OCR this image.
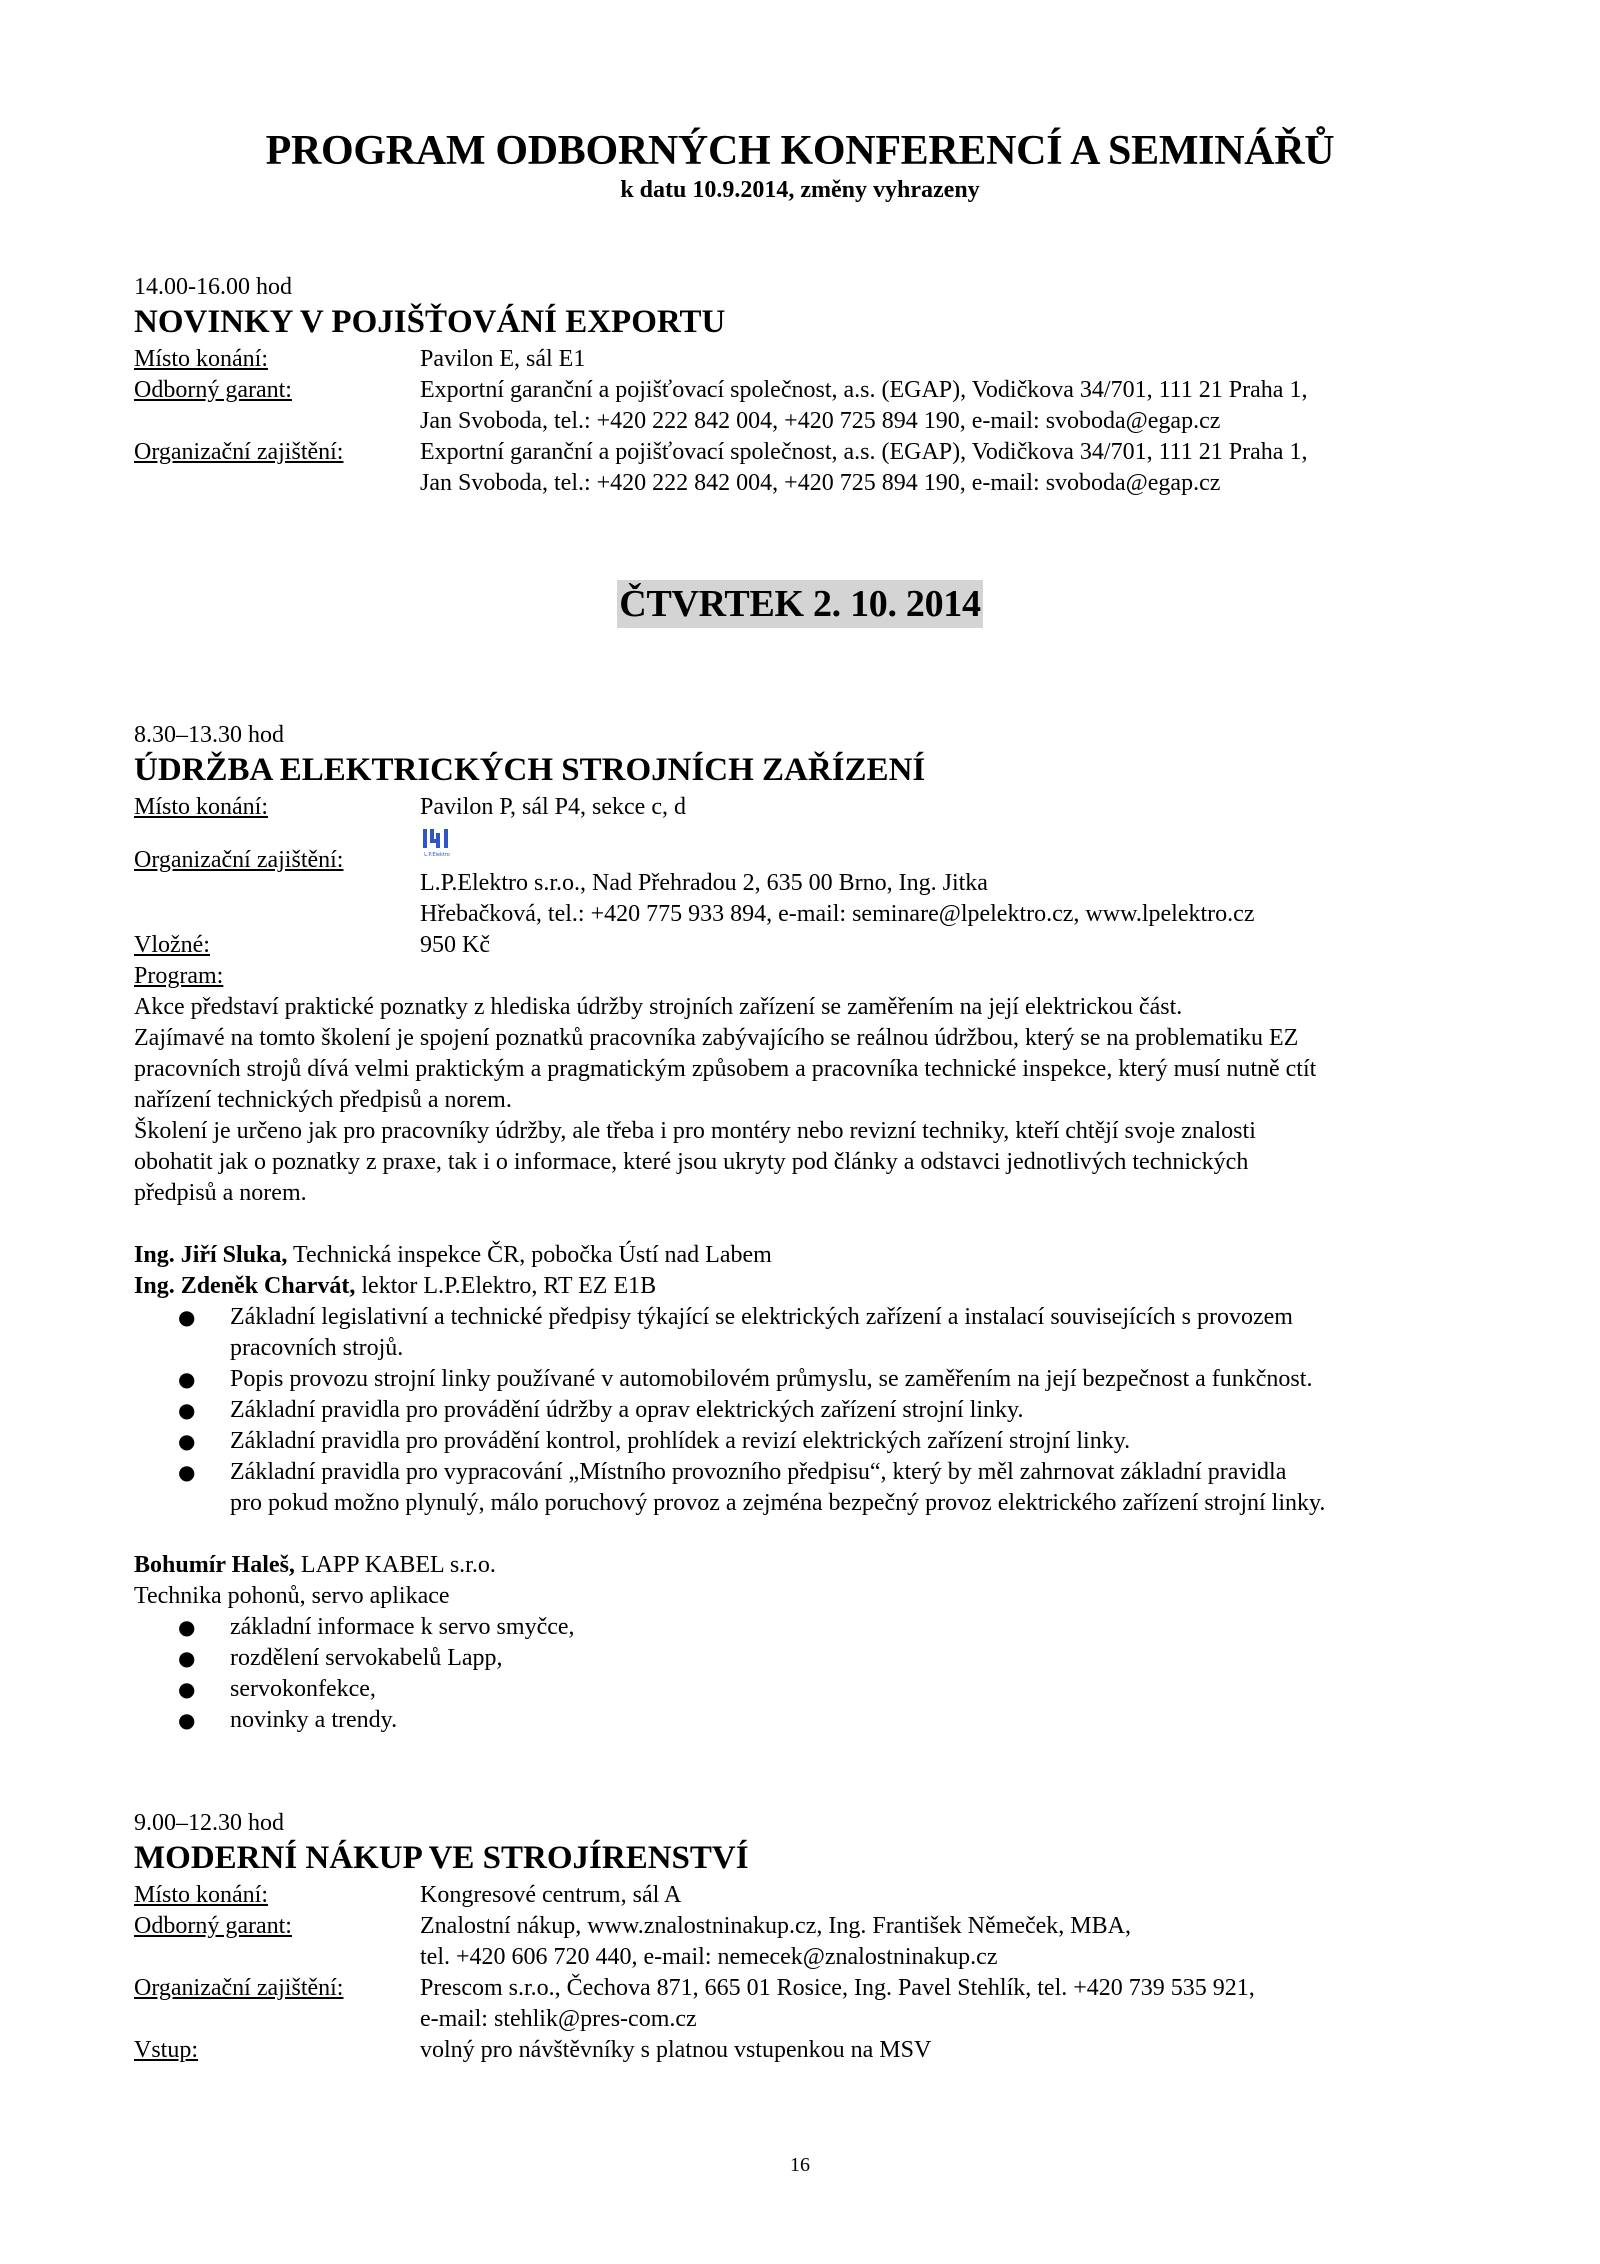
PROGRAM ODBORNÝCH KONFERENCÍ A SEMINÁŘŮ

k datu 10.9.2014, změny vyhrazeny

14.00-16.00 hod
NOVINKY V POJIŠŤOVÁNÍ EXPORTU
Místo konání:	Pavilon E, sál E1
Odborný garant:	Exportní garanční a pojišťovací společnost, a.s. (EGAP), Vodičkova 34/701, 111 21 Praha 1,
Jan Svoboda, tel.: +420 222 842 004, +420 725 894 190, e-mail: svoboda@egap.cz
Organizační zajištění:	Exportní garanční a pojišťovací společnost, a.s. (EGAP), Vodičkova 34/701, 111 21 Praha 1,
Jan Svoboda, tel.: +420 222 842 004, +420 725 894 190, e-mail: svoboda@egap.cz
ČTVRTEK 2. 10. 2014
8.30–13.30 hod
ÚDRŽBA ELEKTRICKÝCH STROJNÍCH ZAŘÍZENÍ
Místo konání:	Pavilon P, sál P4, sekce c, d
Organizační zajištění:	L.P.Elektro
L.P.Elektro s.r.o., Nad Přehradou 2, 635 00 Brno, Ing. Jitka
Hřebačková, tel.: +420 775 933 894, e-mail: seminare@lpelektro.cz, www.lpelektro.cz
Vložné:	950 Kč
Program:

Akce představí praktické poznatky z hlediska údržby strojních zařízení se zaměřením na její elektrickou část.

Zajímavé na tomto školení je spojení poznatků pracovníka zabývajícího se reálnou údržbou, který se na problematiku EZ

pracovních strojů dívá velmi praktickým a pragmatickým způsobem a pracovníka technické inspekce, který musí nutně ctít

nařízení technických předpisů a norem.

Školení je určeno jak pro pracovníky údržby, ale třeba i pro montéry nebo revizní techniky, kteří chtějí svoje znalosti

obohatit jak o poznatky z praxe, tak i o informace, které jsou ukryty pod články a odstavci jednotlivých technických

předpisů a norem.

Ing. Jiří Sluka, Technická inspekce ČR, pobočka Ústí nad Labem
Ing. Zdeněk Charvát, lektor L.P.Elektro, RT EZ E1B
● Základní legislativní a technické předpisy týkající se elektrických zařízení a instalací souvisejících s provozem
pracovních strojů.
● Popis provozu strojní linky používané v automobilovém průmyslu, se zaměřením na její bezpečnost a funkčnost.
● Základní pravidla pro provádění údržby a oprav elektrických zařízení strojní linky.
● Základní pravidla pro provádění kontrol, prohlídek a revizí elektrických zařízení strojní linky.
● Základní pravidla pro vypracování „Místního provozního předpisu“, který by měl zahrnovat základní pravidla
pro pokud možno plynulý, málo poruchový provoz a zejména bezpečný provoz elektrického zařízení strojní linky.
Bohumír Haleš, LAPP KABEL s.r.o.
Technika pohonů, servo aplikace
● základní informace k servo smyčce,
● rozdělení servokabelů Lapp,
● servokonfekce,
● novinky a trendy.
9.00–12.30 hod
MODERNÍ NÁKUP VE STROJÍRENSTVÍ
Místo konání:	Kongresové centrum, sál A
Odborný garant:	Znalostní nákup, www.znalostninakup.cz, Ing. František Němeček, MBA,
tel. +420 606 720 440, e-mail: nemecek@znalostninakup.cz
Organizační zajištění:	Prescom s.r.o., Čechova 871, 665 01 Rosice, Ing. Pavel Stehlík, tel. +420 739 535 921,
e-mail: stehlik@pres-com.cz
Vstup:	volný pro návštěvníky s platnou vstupenkou na MSV
16
